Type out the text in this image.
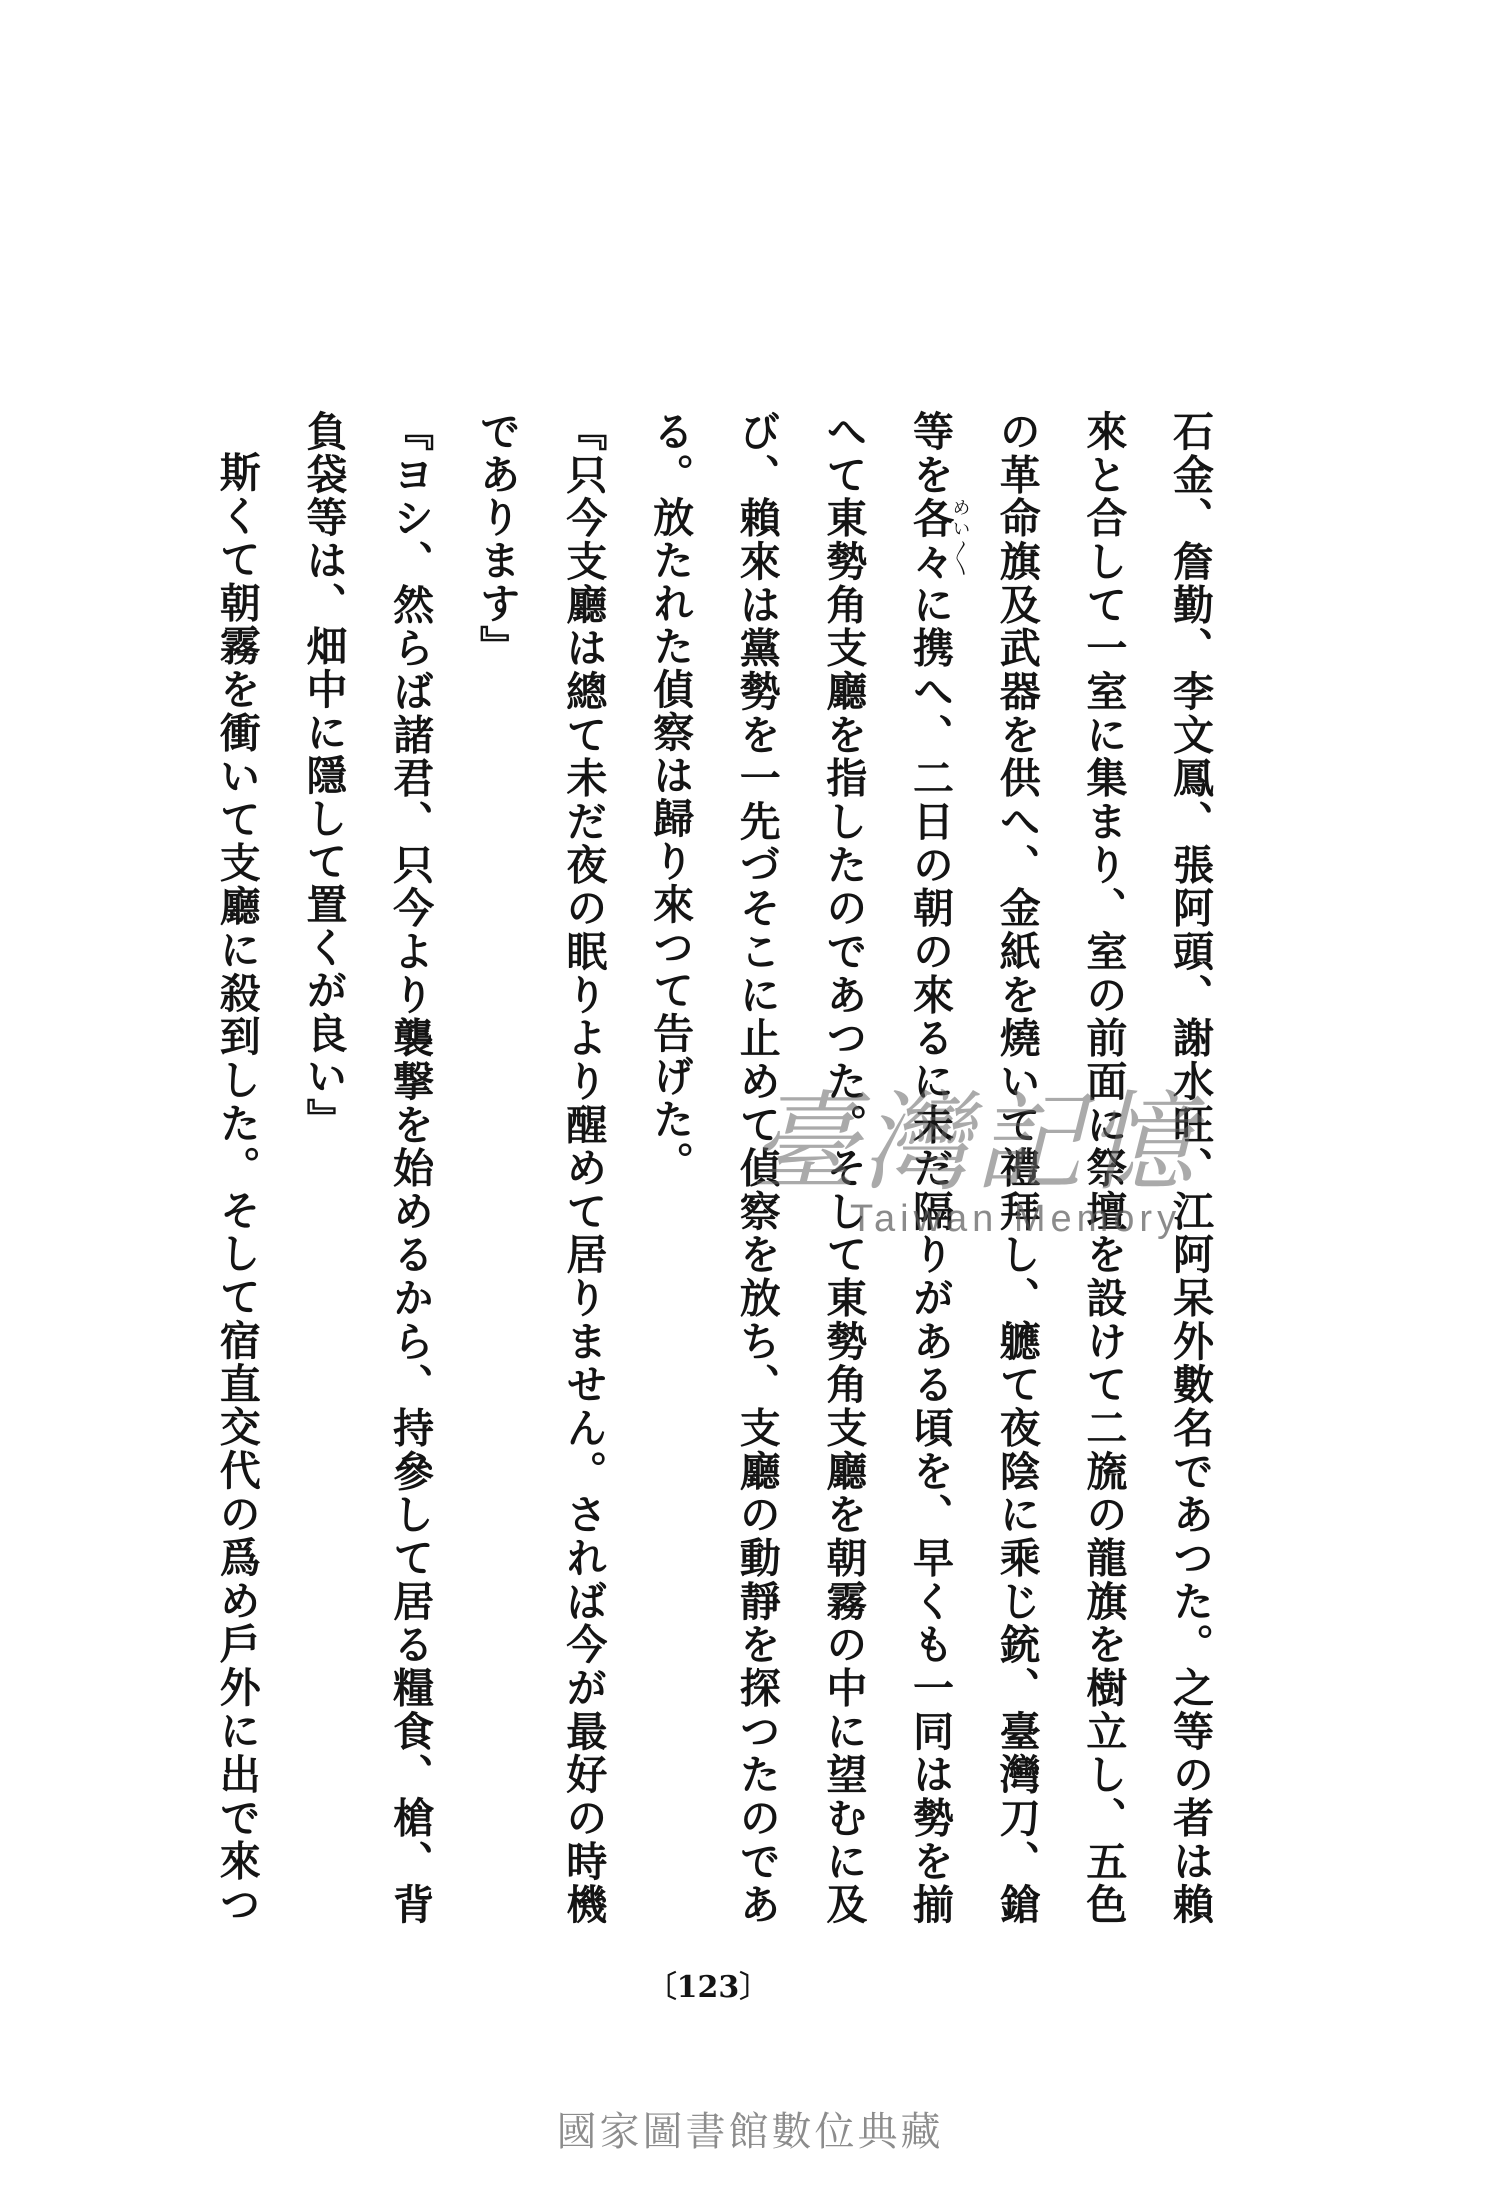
石金、詹勤、李文鳳、張阿頭、謝水旺、江阿呆外數名であつた。之等の者は賴
來と合して一室に集まり、室の前面に祭壇を設けて二旒の龍旗を樹立し、五色
の革命旗及武器を供へ、金紙を燒いて禮拜し、軈て夜陰に乘じ銃、臺灣刀、鎗
等を各々めい〳〵に携へ、二日の朝の來るに未だ隔りがある頃を、早くも一同は勢を揃
へて東勢角支廳を指したのであつた。そして東勢角支廳を朝霧の中に望むに及
び、賴來は黨勢を一先づそこに止めて偵察を放ち、支廳の動靜を探つたのであ
る。放たれた偵察は歸り來つて告げた。
『只今支廳は總て未だ夜の眠りより醒めて居りません。されば今が最好の時機
であります』
『ヨシ、然らば諸君、只今より襲撃を始めるから、持參して居る糧食、槍、背
負袋等は、畑中に隱して置くが良い』
斯くて朝霧を衝いて支廳に殺到した。そして宿直交代の爲め戶外に出で來つ	臺灣記憶
Taiwan Memory
〔123〕
國家圖書館數位典藏
